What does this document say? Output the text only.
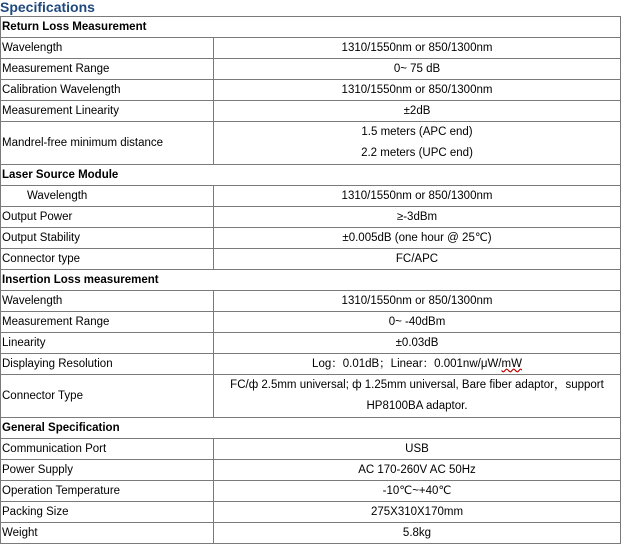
Specifications
Return Loss Measurement	
Wavelength	1310/1550nm or 850/1300nm
Measurement Range	0~ 75 dB
Calibration Wavelength	1310/1550nm or 850/1300nm
Measurement Linearity	±2dB
Mandrel-free minimum distance	1.5 meters (APC end)
2.2 meters (UPC end)

Laser Source Module	
Wavelength	1310/1550nm or 850/1300nm
Output Power	≥-3dBm
Output Stability	±0.005dB (one hour @ 25℃)
Connector type	FC/APC
Insertion Loss measurement	
Wavelength	1310/1550nm or 850/1300nm
Measurement Range	0~ -40dBm
Linearity	±0.03dB
Displaying Resolution	Log：0.01dB；Linear：0.001nw/μW/mW
Connector Type	FC/ф 2.5mm universal; ф 1.25mm universal, Bare fiber adaptor，support
HP8100BA adaptor.

General Specification	
Communication Port	USB
Power Supply	AC 170-260V AC 50Hz
Operation Temperature	-10℃~+40℃
Packing Size	275X310X170mm
Weight	5.8kg
